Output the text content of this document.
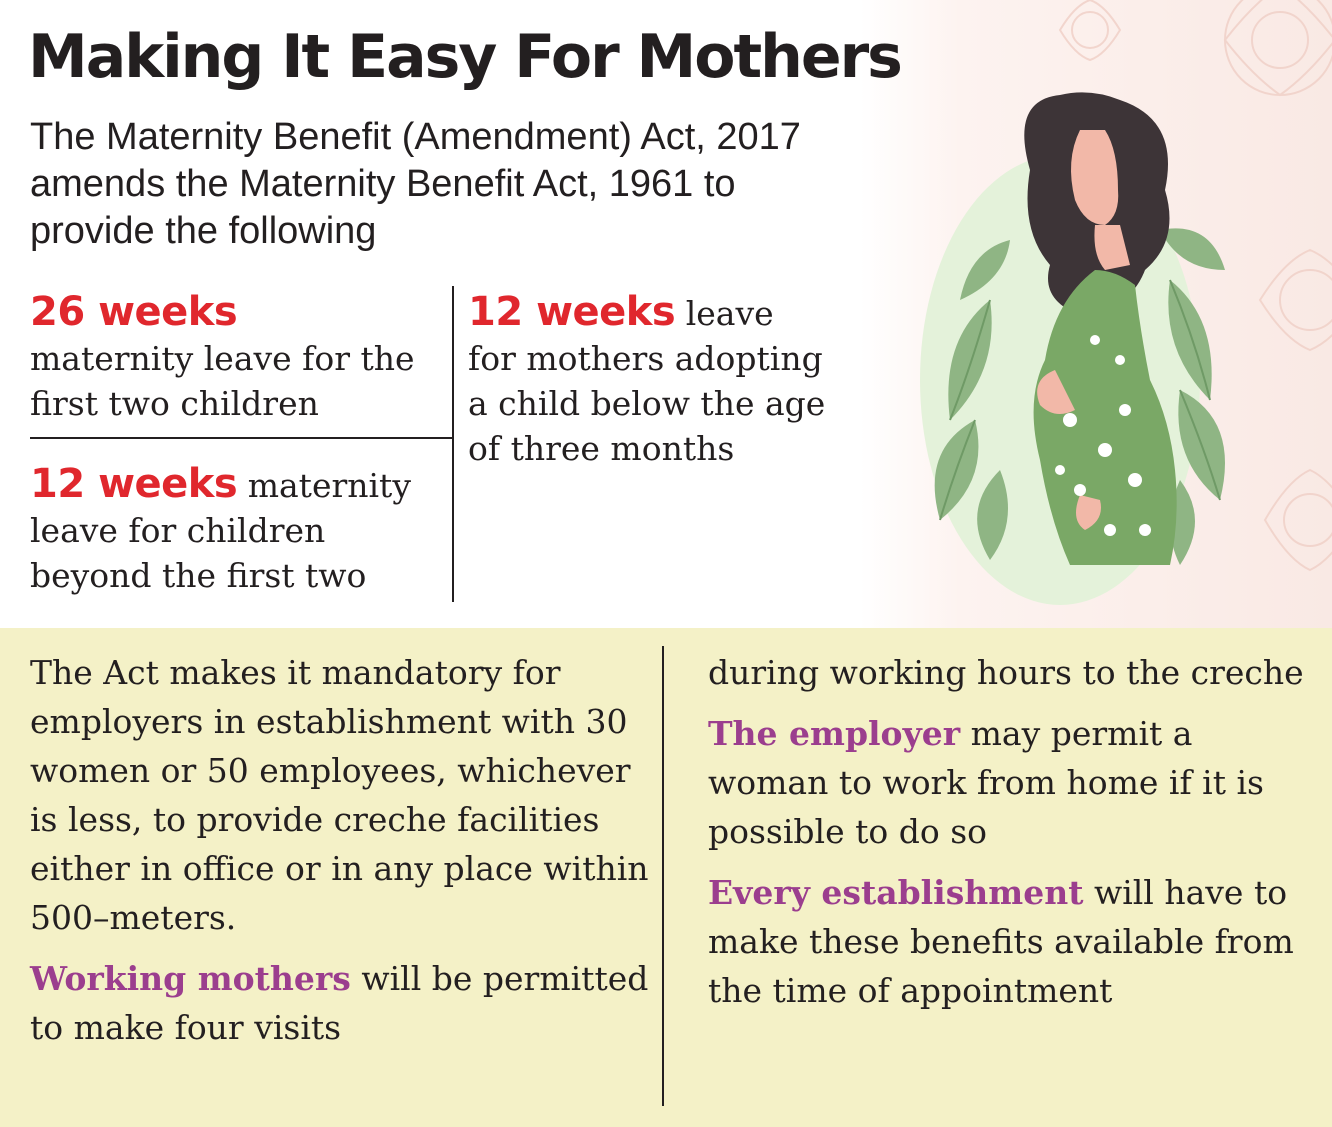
Making It Easy For Mothers
The Maternity Benefit (Amendment) Act, 2017 amends the Maternity Benefit Act, 1961 to provide the following
26 weeks
maternity leave for the first two children
12 weeks maternity leave for children beyond the first two
12 weeks leave for mothers adopting a child below the age of three months

The Act makes it mandatory for employers in establishment with 30 women or 50 employees, whichever is less, to provide creche facilities either in office or in any place within 500–meters.

Working mothers will be permitted to make four visits

during working hours to the creche

The employer may permit a woman to work from home if it is possible to do so

Every establishment will have to make these benefits available from the time of appointment
